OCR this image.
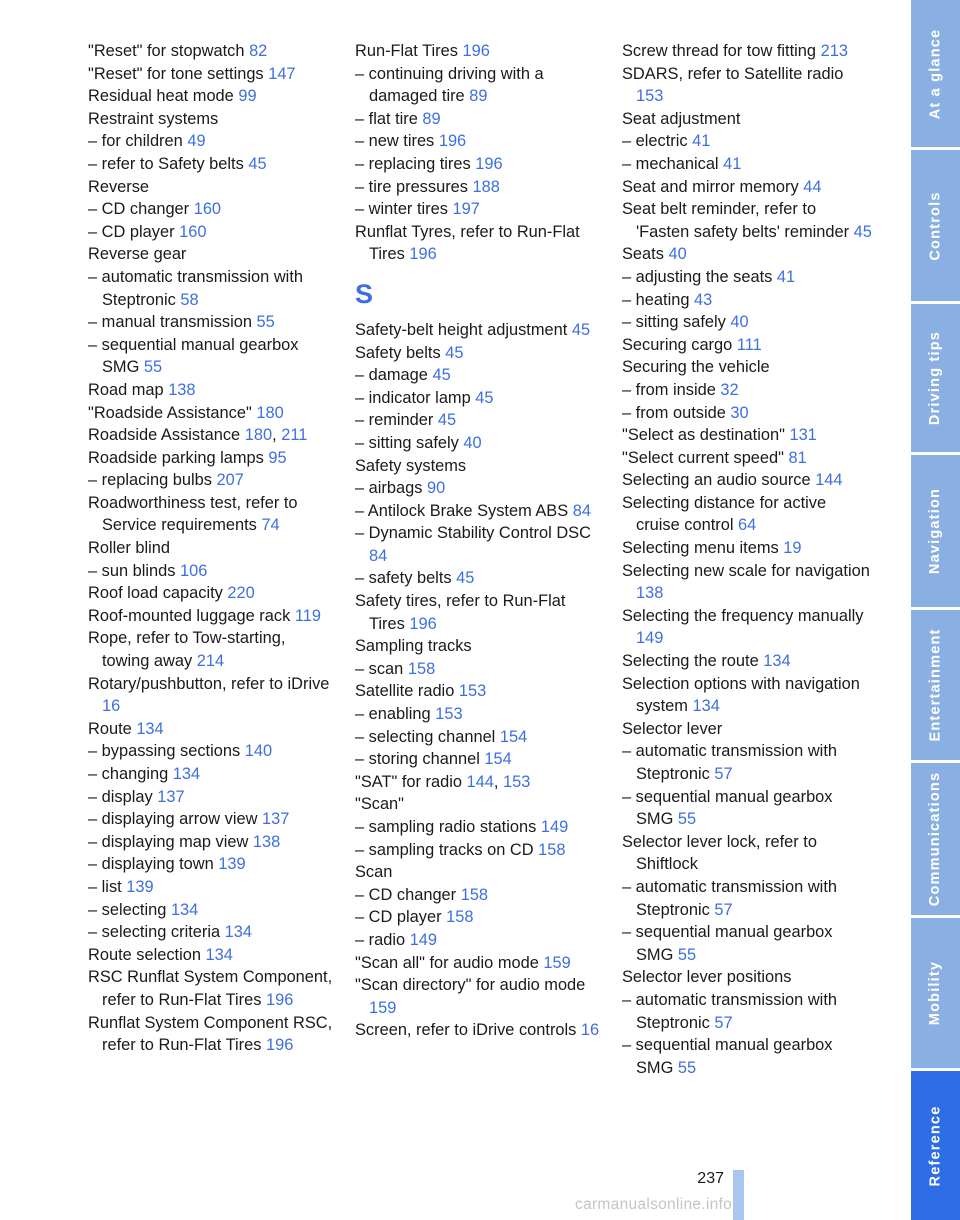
"Reset" for stopwatch 82
"Reset" for tone settings 147
Residual heat mode 99
Restraint systems
– for children 49
– refer to Safety belts 45
Reverse
– CD changer 160
– CD player 160
Reverse gear
– automatic transmission with Steptronic 58
– manual transmission 55
– sequential manual gearbox SMG 55
Road map 138
"Roadside Assistance" 180
Roadside Assistance 180, 211
Roadside parking lamps 95
– replacing bulbs 207
Roadworthiness test, refer to Service requirements 74
Roller blind
– sun blinds 106
Roof load capacity 220
Roof-mounted luggage rack 119
Rope, refer to Tow-starting, towing away 214
Rotary/pushbutton, refer to iDrive 16
Route 134
– bypassing sections 140
– changing 134
– display 137
– displaying arrow view 137
– displaying map view 138
– displaying town 139
– list 139
– selecting 134
– selecting criteria 134
Route selection 134
RSC Runflat System Component, refer to Run-Flat Tires 196
Runflat System Component RSC, refer to Run-Flat Tires 196
Run-Flat Tires 196
– continuing driving with a damaged tire 89
– flat tire 89
– new tires 196
– replacing tires 196
– tire pressures 188
– winter tires 197
Runflat Tyres, refer to Run-Flat Tires 196
S
Safety-belt height adjustment 45
Safety belts 45
– damage 45
– indicator lamp 45
– reminder 45
– sitting safely 40
Safety systems
– airbags 90
– Antilock Brake System ABS 84
– Dynamic Stability Control DSC 84
– safety belts 45
Safety tires, refer to Run-Flat Tires 196
Sampling tracks
– scan 158
Satellite radio 153
– enabling 153
– selecting channel 154
– storing channel 154
"SAT" for radio 144, 153
"Scan"
– sampling radio stations 149
– sampling tracks on CD 158
Scan
– CD changer 158
– CD player 158
– radio 149
"Scan all" for audio mode 159
"Scan directory" for audio mode 159
Screen, refer to iDrive controls 16
Screw thread for tow fitting 213
SDARS, refer to Satellite radio 153
Seat adjustment
– electric 41
– mechanical 41
Seat and mirror memory 44
Seat belt reminder, refer to 'Fasten safety belts' reminder 45
Seats 40
– adjusting the seats 41
– heating 43
– sitting safely 40
Securing cargo 111
Securing the vehicle
– from inside 32
– from outside 30
"Select as destination" 131
"Select current speed" 81
Selecting an audio source 144
Selecting distance for active cruise control 64
Selecting menu items 19
Selecting new scale for navigation 138
Selecting the frequency manually 149
Selecting the route 134
Selection options with navigation system 134
Selector lever
– automatic transmission with Steptronic 57
– sequential manual gearbox SMG 55
Selector lever lock, refer to Shiftlock
– automatic transmission with Steptronic 57
– sequential manual gearbox SMG 55
Selector lever positions
– automatic transmission with Steptronic 57
– sequential manual gearbox SMG 55
At a glance
Controls
Driving tips
Navigation
Entertainment
Communications
Mobility
Reference
237
carmanualsonline.info
